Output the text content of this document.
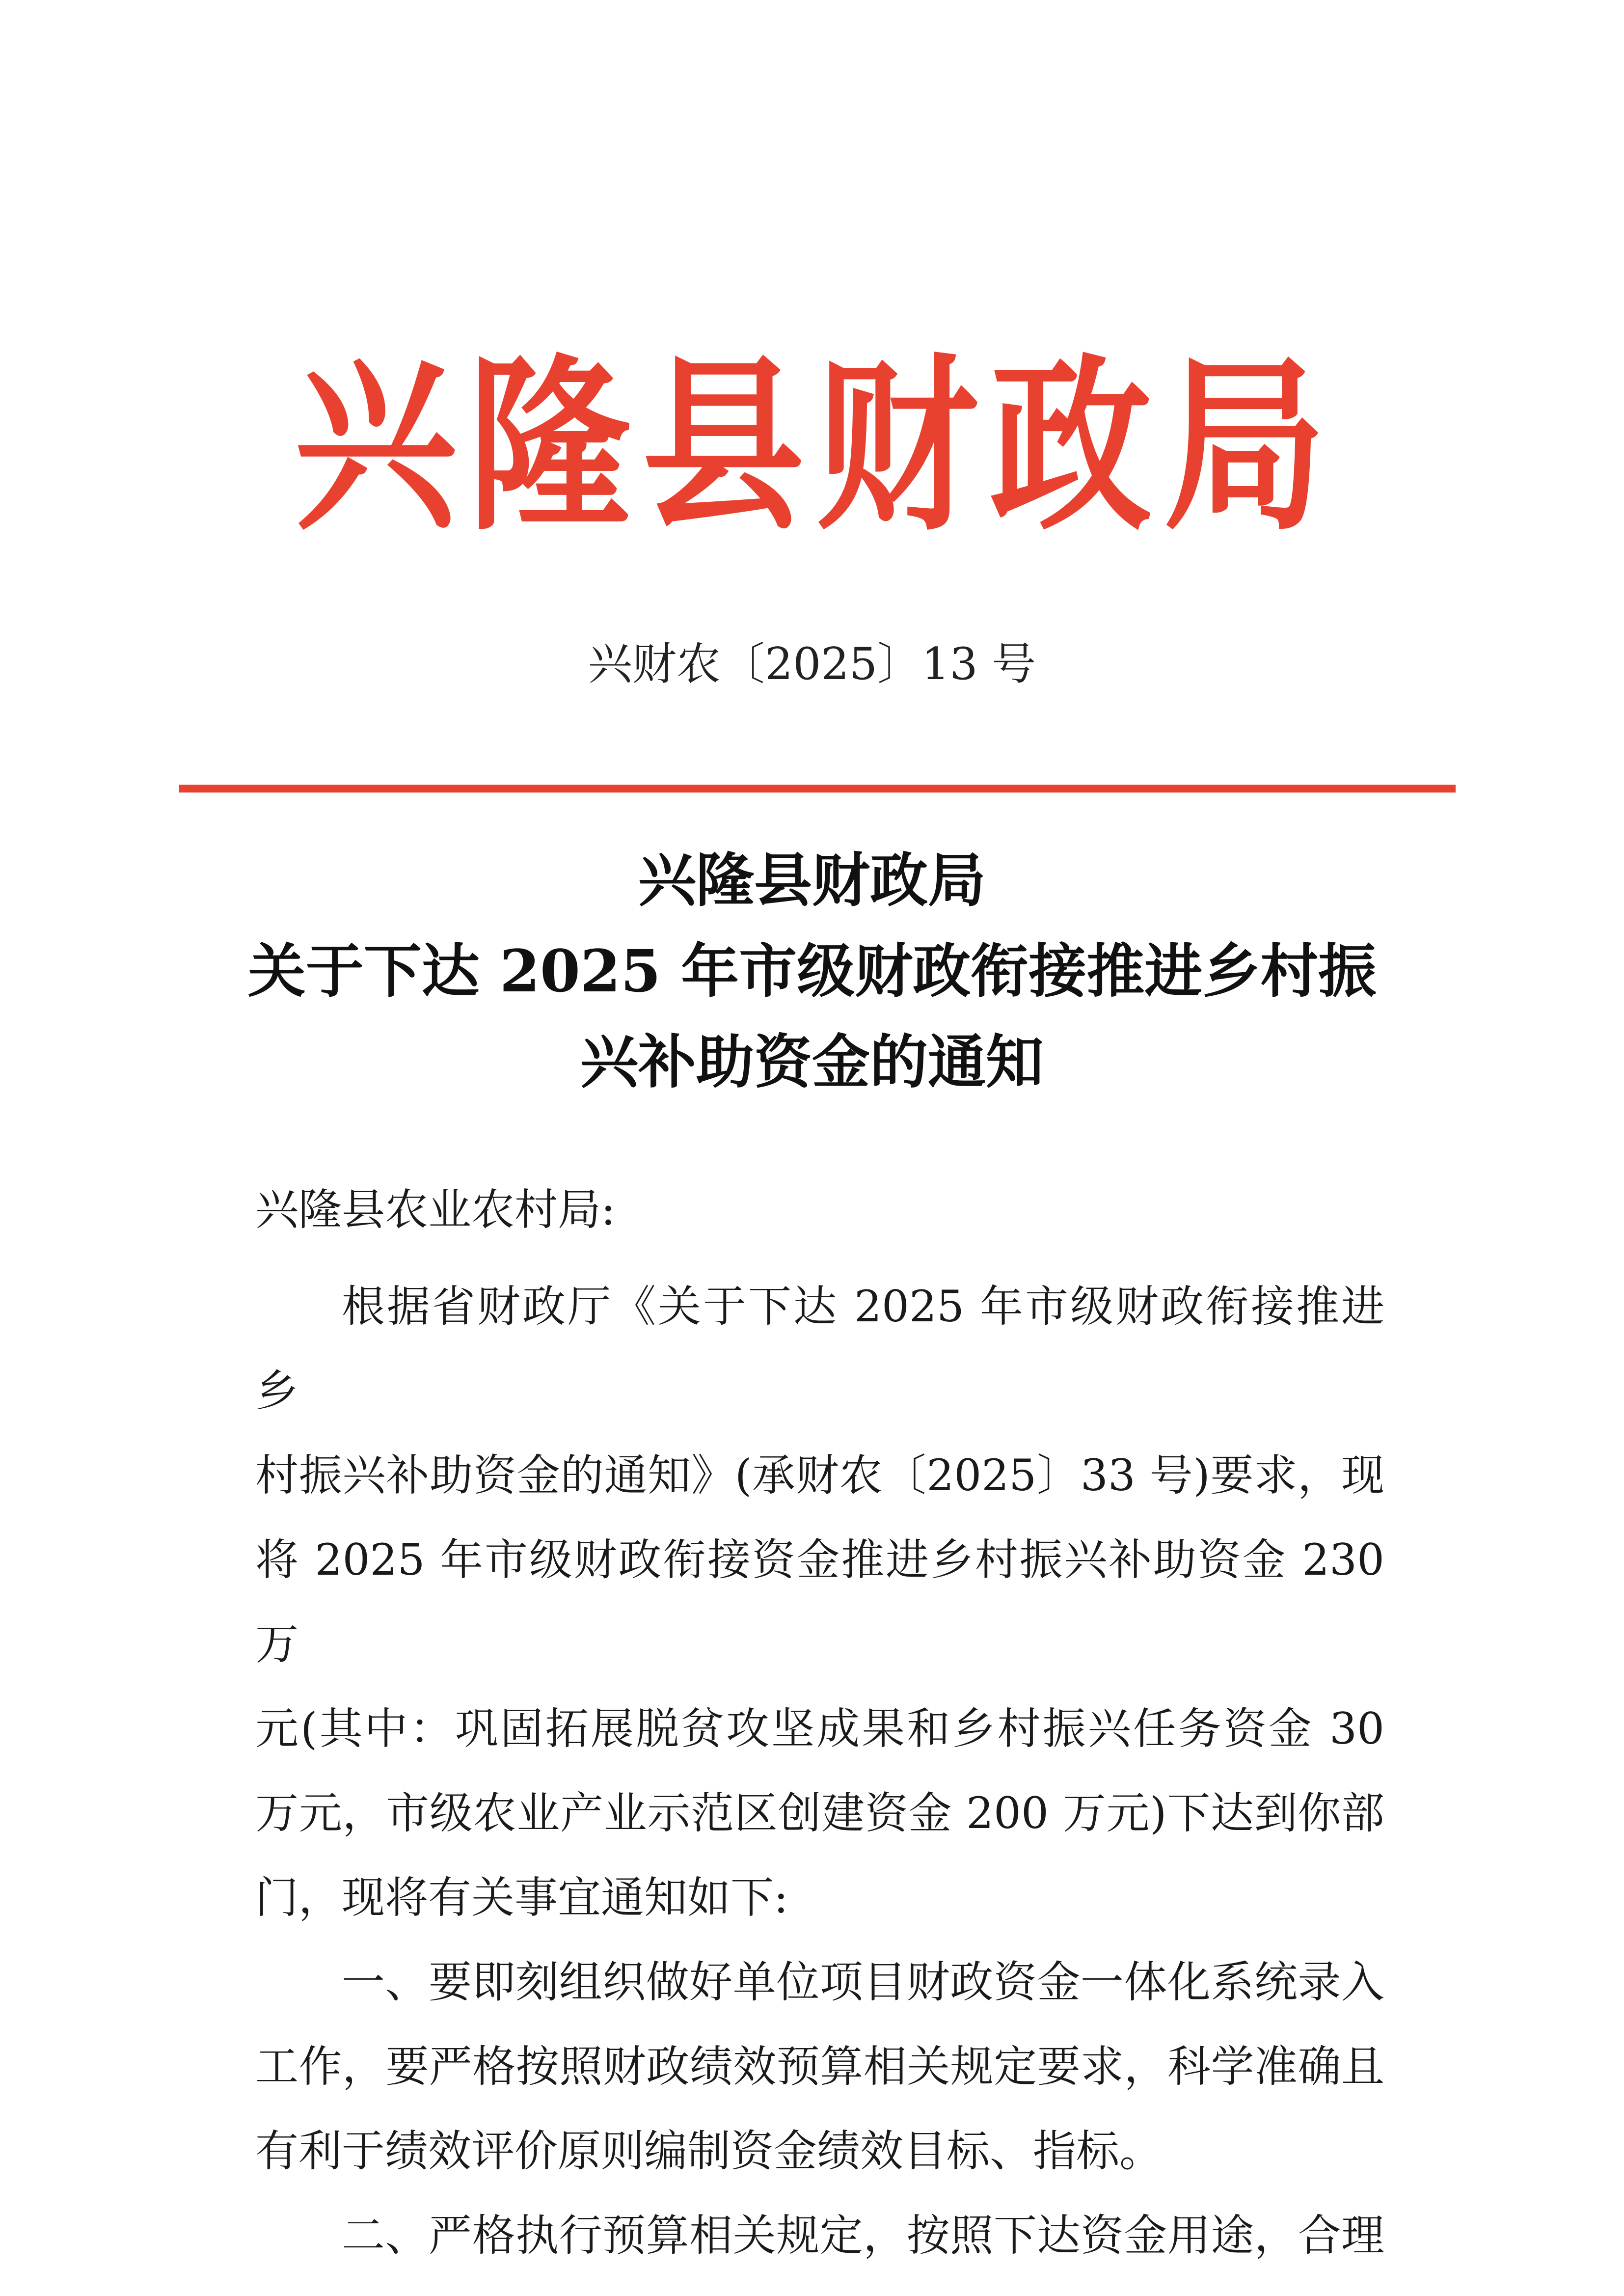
兴 隆 县 财 政 局
兴财农〔2025〕13 号
兴隆县财政局
关于下达 2025 年市级财政衔接推进乡村振
兴补助资金的通知
兴隆县农业农村局:

根据省财政厅《关于下达 2025 年市级财政衔接推进乡

村振兴补助资金的通知》(承财农〔2025〕33 号)要求，现

将 2025 年市级财政衔接资金推进乡村振兴补助资金 230 万

元(其中：巩固拓展脱贫攻坚成果和乡村振兴任务资金 30

万元，市级农业产业示范区创建资金 200 万元)下达到你部

门，现将有关事宜通知如下:

一、要即刻组织做好单位项目财政资金一体化系统录入

工作，要严格按照财政绩效预算相关规定要求，科学准确且

有利于绩效评价原则编制资金绩效目标、指标。

二、严格执行预算相关规定，按照下达资金用途，合理
